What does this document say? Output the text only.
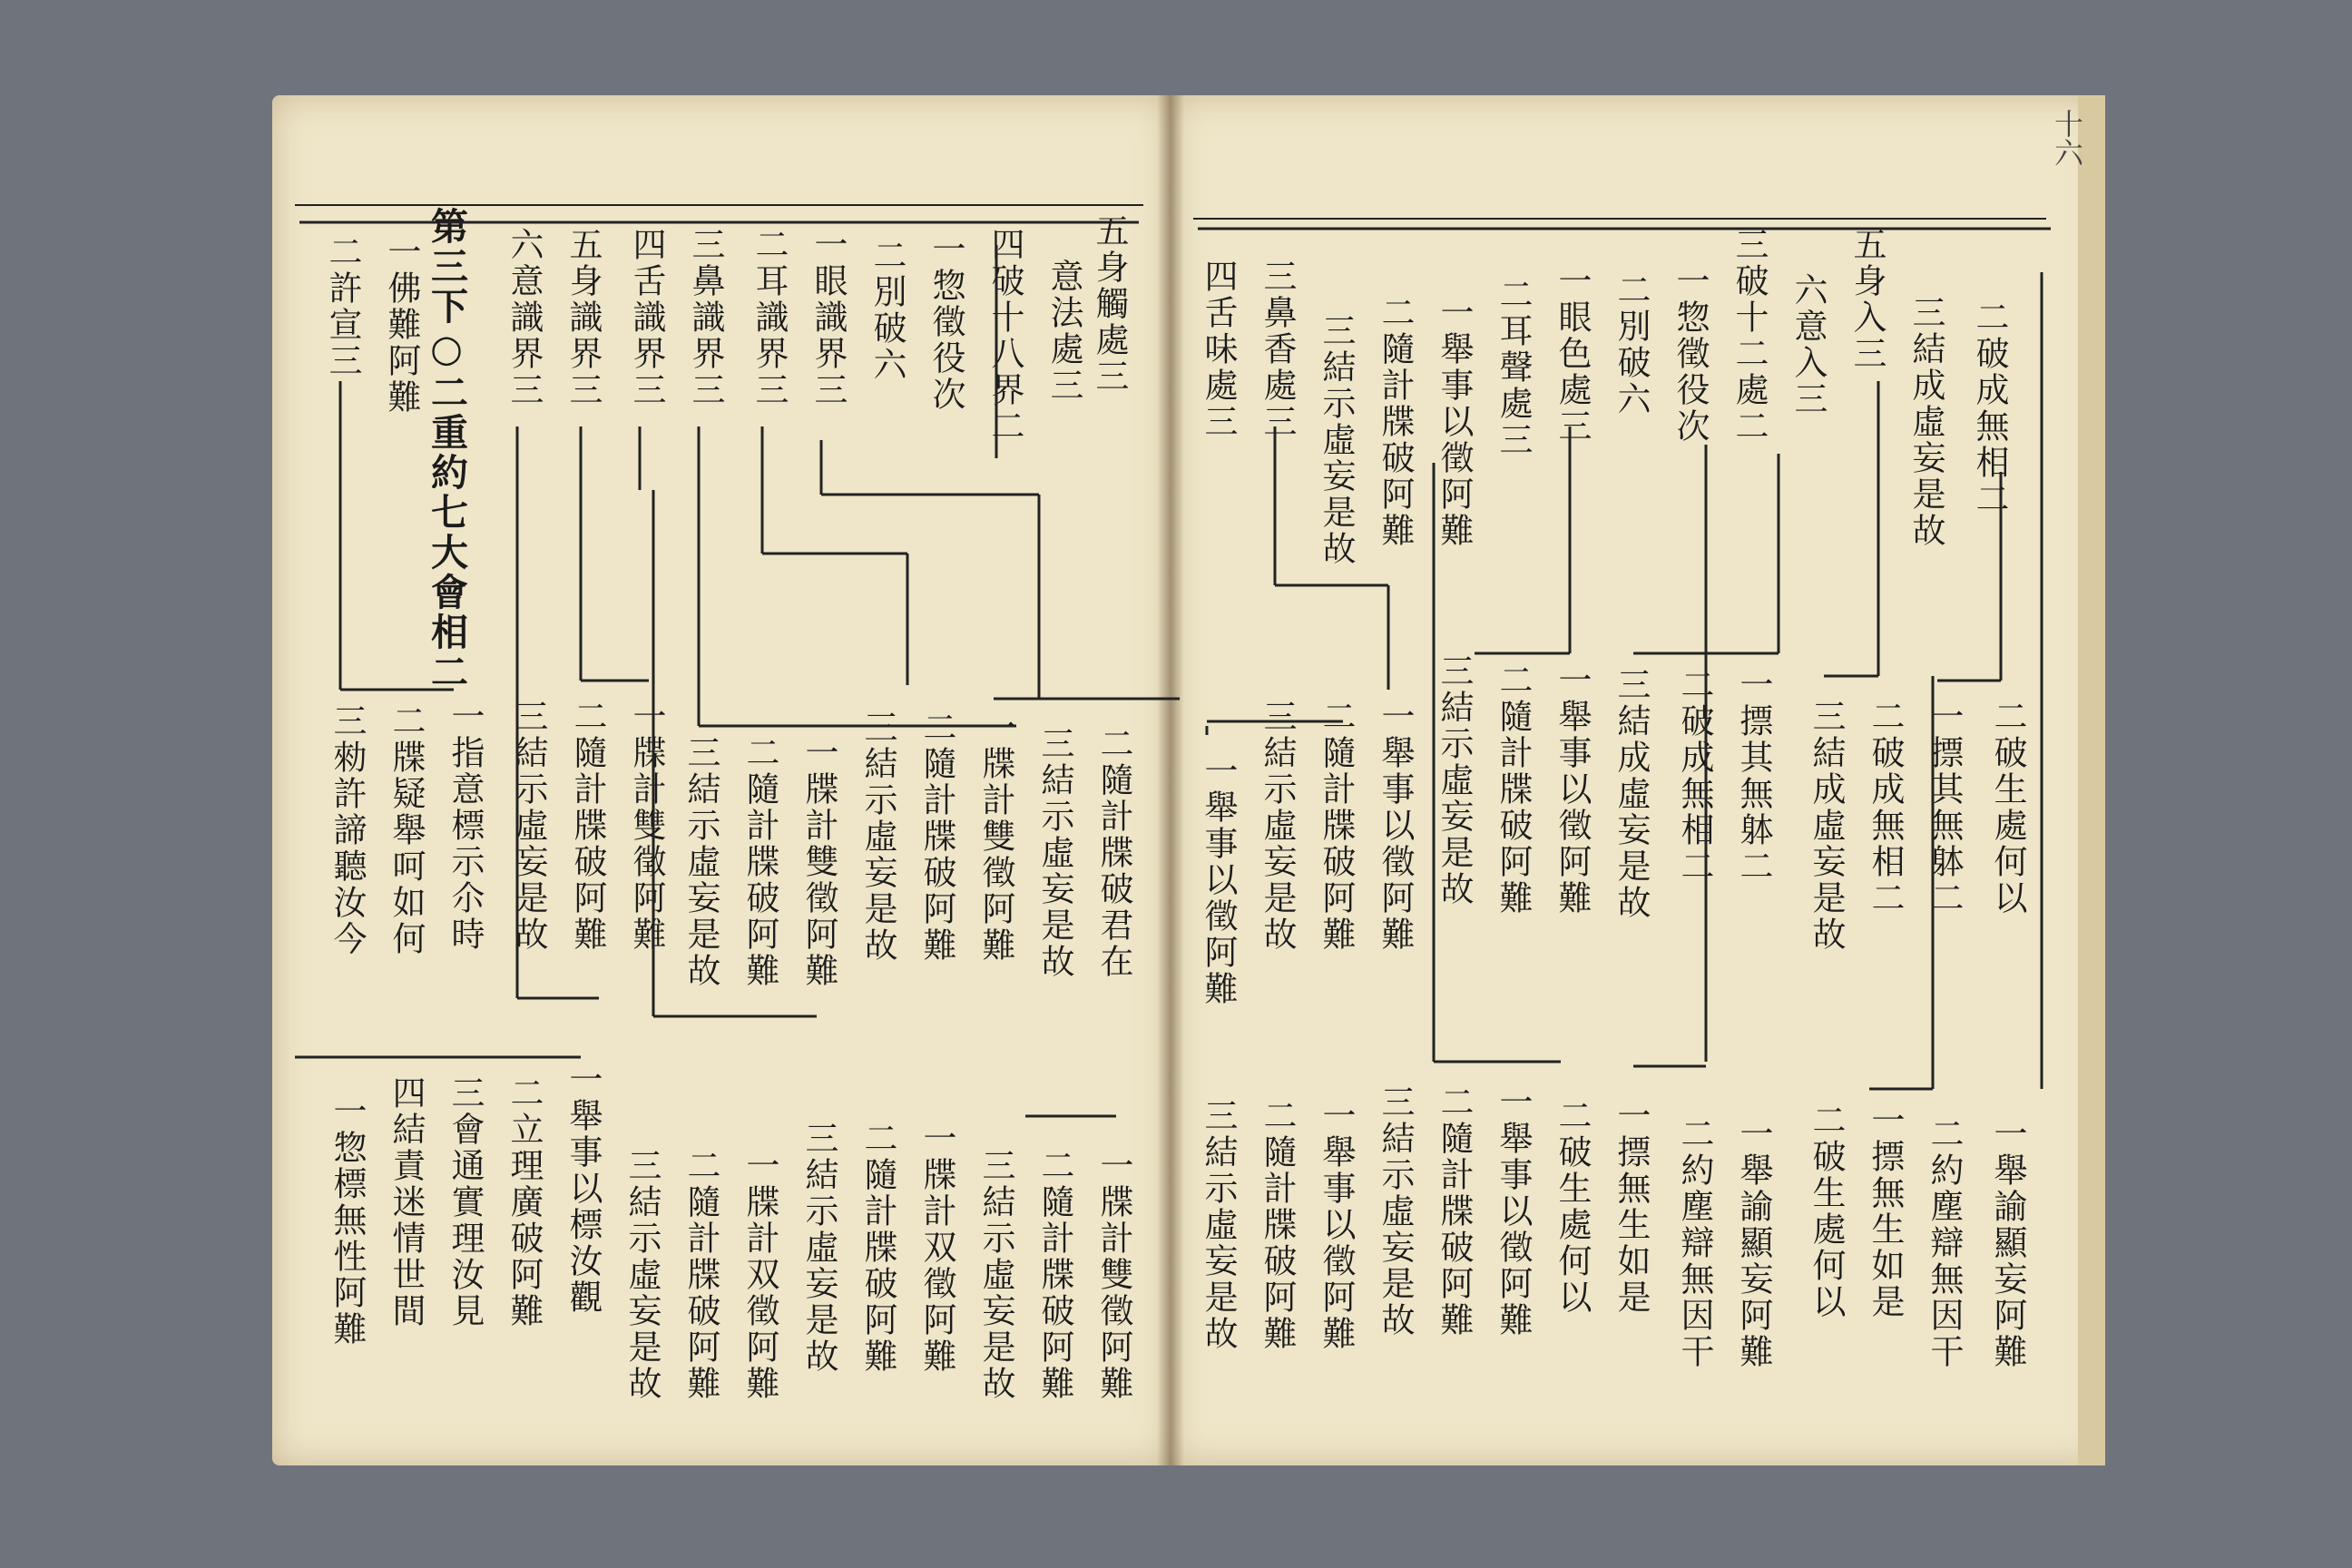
第三下○二重約七大會相二	五身觸處三
意法處三
四破十八界二
一惣徵役次
二別破六
一眼識界三
二耳識界三
三鼻識界三
四舌識界三
五身識界三
六意識界三
一佛難阿難
二許宣三
二隨計牒破君在
三結示虛妄是故
一牒計雙徵阿難
二隨計牒破阿難
三結示虛妄是故
一牒計雙徵阿難
二隨計牒破阿難
三結示虛妄是故
一牒計雙徵阿難
二隨計牒破阿難
三結示虛妄是故
一指意標示尒時
二牒疑舉呵如何
三勑許諦聽汝今
一牒計雙徵阿難
二隨計牒破阿難
三結示虛妄是故
一牒計双徵阿難
二隨計牒破阿難
三結示虛妄是故
一牒計双徵阿難
二隨計牒破阿難
三結示虛妄是故
一舉事以標汝觀
二立理廣破阿難
三會通實理汝見
四結責迷情世間
一惣標無性阿難
四舌味處三 三鼻香處三 三結示虛妄是故 二隨計牒破阿難 一舉事以徵阿難 二耳聲處三 一眼色處三 二別破六 一惣徵役次 三破十二處二 六意入三 五身入三 三結成虛妄是故 二破成無相二
一舉事以徵阿難 三結示虛妄是故 二隨計牒破阿難 一舉事以徵阿難 三結示虛妄是故 二隨計牒破阿難 一舉事以徵阿難 三結成虛妄是故 二破成無相二 一摽其無躰二 三結成虛妄是故 二破成無相二 一摽其無躰二 二破生處何以
三結示虛妄是故 二隨計牒破阿難 一舉事以徵阿難 三結示虛妄是故 二隨計牒破阿難 一舉事以徵阿難 二破生處何以 一摽無生如是 二約塵辯無因干 一舉諭顯妄阿難 二破生處何以 一摽無生如是 二約塵辯無因干 一舉諭顯妄阿難
十六
